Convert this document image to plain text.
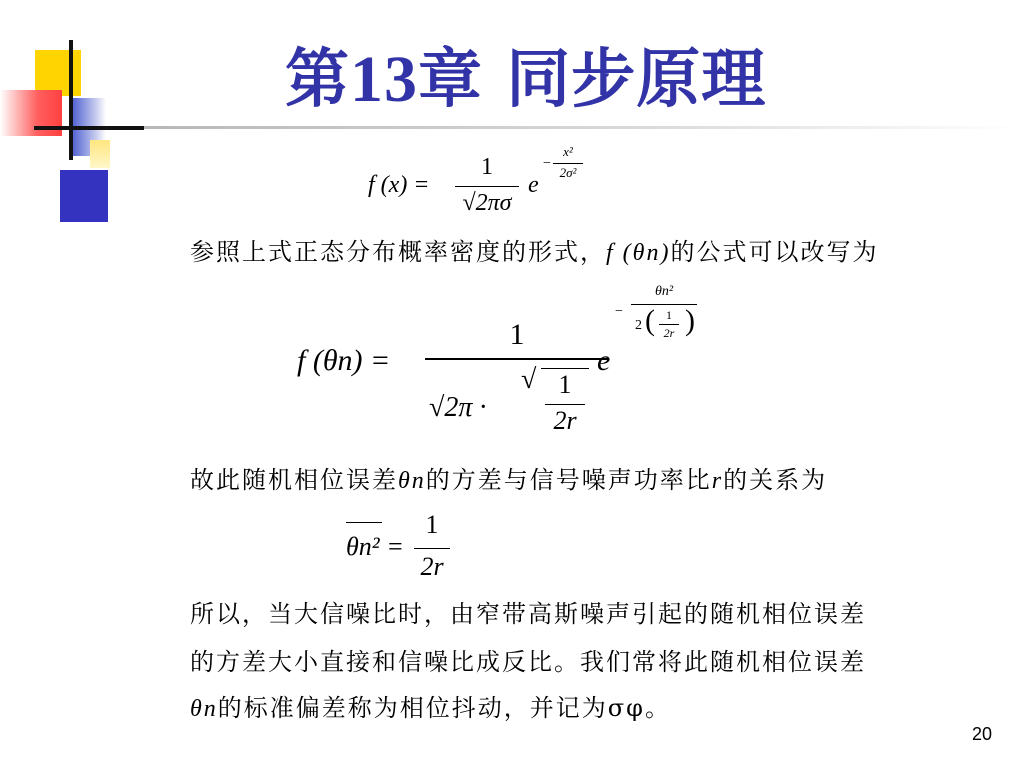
第13章 同步原理
f (x) =
1
√2πσ
e
−
x²
2σ²
参照上式正态分布概率密度的形式，f (θn)的公式可以改写为
f (θn) =
1
√2π ·
√ 1
2r
e
−
θn²
2 ( 1
2r )
故此随机相位误差θn的方差与信号噪声功率比r的关系为
θn² =
1
2r
所以，当大信噪比时，由窄带高斯噪声引起的随机相位误差
的方差大小直接和信噪比成反比。我们常将此随机相位误差
θn的标准偏差称为相位抖动，并记为σφ。
20
